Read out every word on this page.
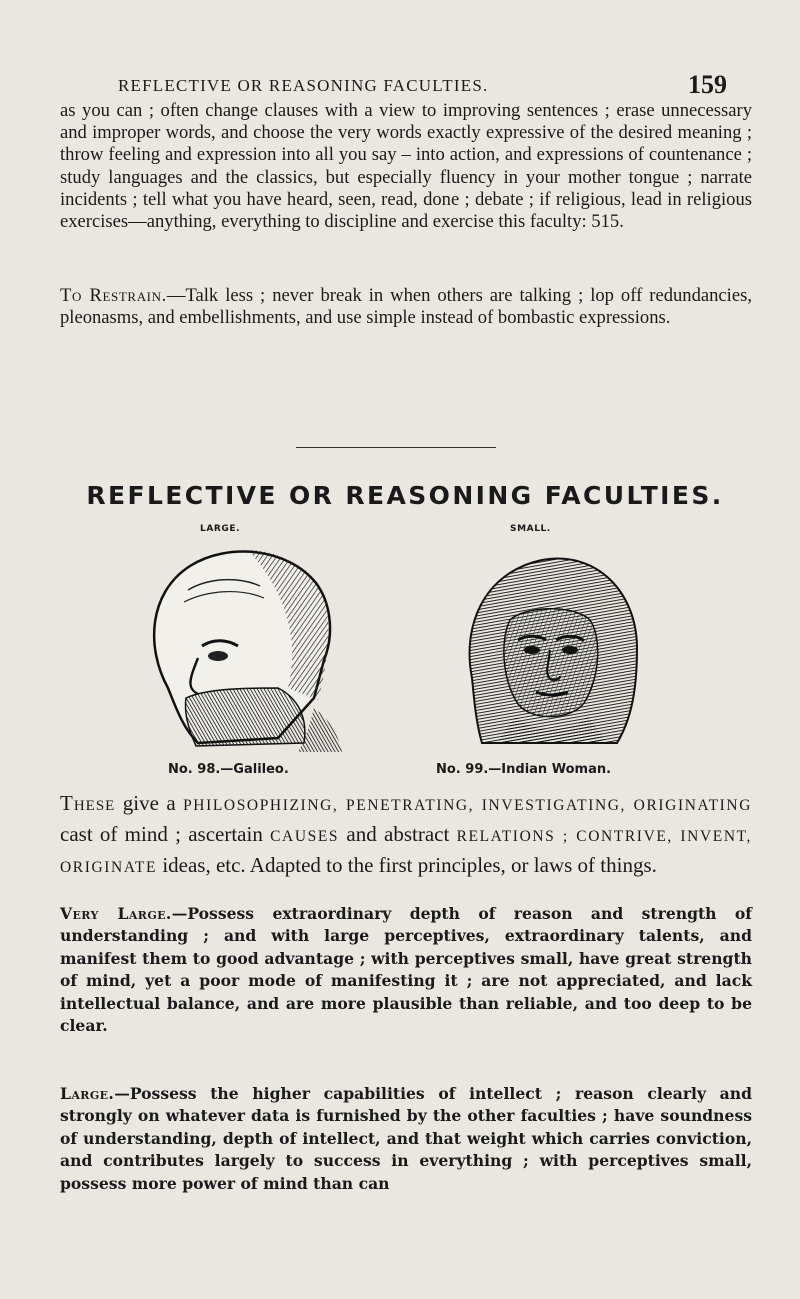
REFLECTIVE OR REASONING FACULTIES.	159

as you can ; often change clauses with a view to improving sentences ; erase unnecessary and improper words, and choose the very words exactly expressive of the desired meaning ; throw feeling and expression into all you say – into action, and expressions of countenance ; study languages and the classics, but especially fluency in your mother tongue ; narrate incidents ; tell what you have heard, seen, read, done ; debate ; if religious, lead in religious exercises—anything, everything to discipline and exercise this faculty: 515.

To Restrain.—Talk less ; never break in when others are talking ; lop off redundancies, pleonasms, and embellishments, and use simple instead of bombastic expressions.

REFLECTIVE OR REASONING FACULTIES.
LARGE.	SMALL.
No. 98.—Galileo.	No. 99.—Indian Woman.

These give a PHILOSOPHIZING, PENETRATING, INVESTIGATING, ORIGINATING cast of mind ; ascertain CAUSES and abstract RELATIONS ; CONTRIVE, INVENT, ORIGINATE ideas, etc. Adapted to the first principles, or laws of things.

Very Large.—Possess extraordinary depth of reason and strength of understanding ; and with large perceptives, extraordinary talents, and manifest them to good advantage ; with perceptives small, have great strength of mind, yet a poor mode of manifesting it ; are not appreciated, and lack intellectual balance, and are more plausible than reliable, and too deep to be clear.

Large.—Possess the higher capabilities of intellect ; reason clearly and strongly on whatever data is furnished by the other faculties ; have soundness of understanding, depth of intellect, and that weight which carries conviction, and contributes largely to success in everything ; with perceptives small, possess more power of mind than can
